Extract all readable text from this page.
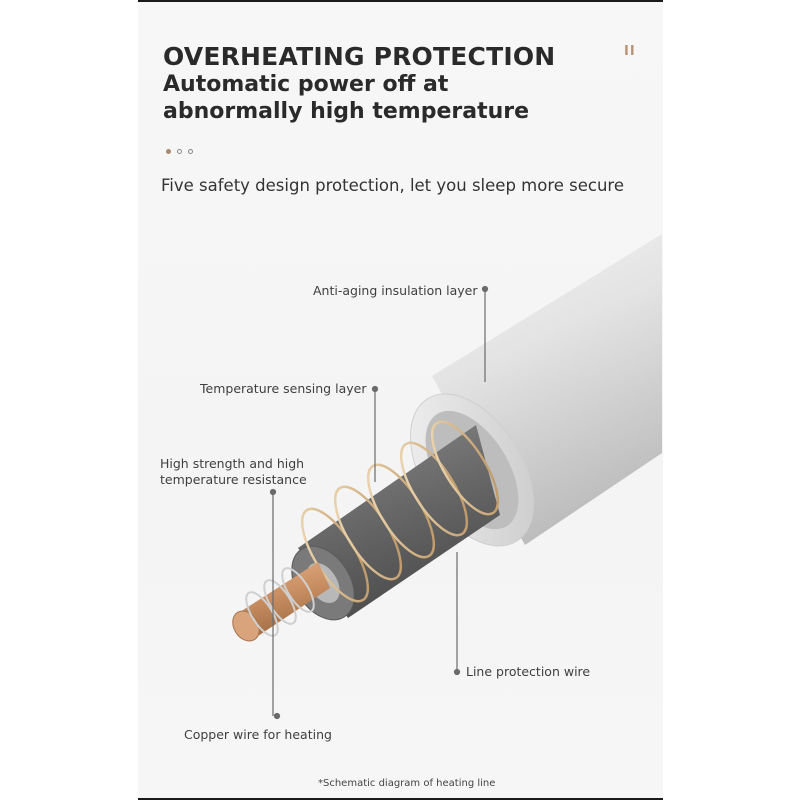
OVERHEATING PROTECTION
Automatic power off at abnormally high temperature
II
Five safety design protection, let you sleep more secure
Anti-aging insulation layer
Temperature sensing layer
High strength and high temperature resistance
Line protection wire
Copper wire for heating
*Schematic diagram of heating line
